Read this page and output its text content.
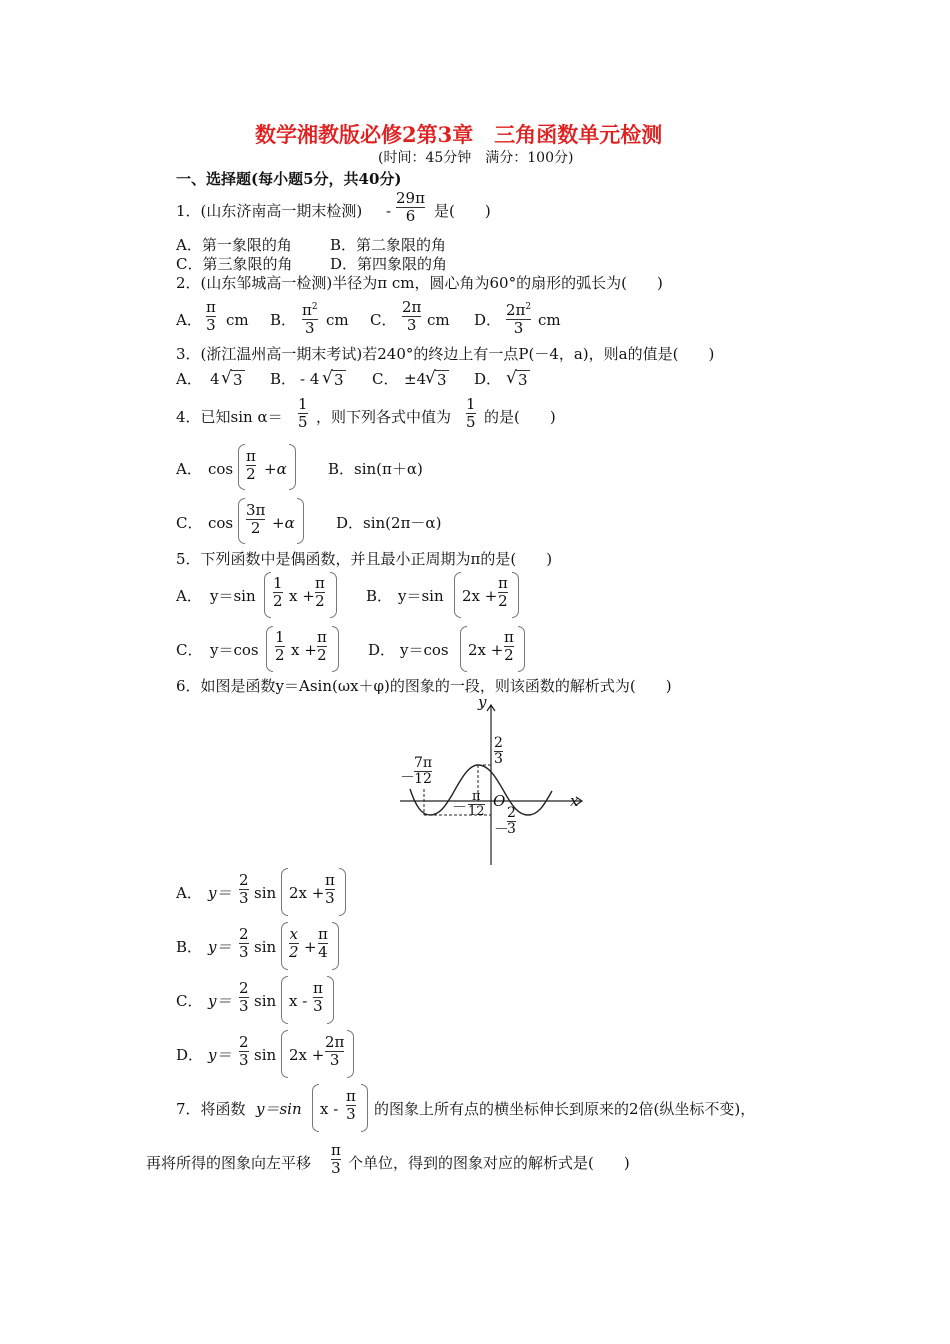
数学湘教版必修2第3章　三角函数单元检测
(时间：45分钟　满分：100分)
一、选择题(每小题5分，共40分)
1．(山东济南高一期末检测) -
29π
6 是(　　)
A．第一象限的角	B．第二象限的角
C．第三象限的角	D．第四象限的角
2．(山东邹城高一检测)半径为π cm，圆心角为60°的扇形的弧长为(　　)
A．
π
3 cm B．
$\pi^2$
3 cm C．
2π
3 cm D．
$2\pi^2$
3 cm
3．(浙江温州高一期末考试)若240°的终边上有一点P(－4，a)，则a的值是(　　)
A． 4 √ 3 B． - 4 √ 3 C． ±4
√ 3 D． √ 3
4．已知sin α＝
1
5 ，则下列各式中值为
1
5 的是(　　)
A． cos
π
2 +α	B．sin(π＋α)
C． cos
3π
2 +α	D．sin(2π－α)
5．下列函数中是偶函数，并且最小正周期为π的是(　　)
A． y＝sin
1
2 x +
π
2	B． y＝sin 2x +
π
2
C． y＝cos
1
2 x +
π
2	D． y＝cos 2x +
π
2
6．如图是函数y＝Asin(ωx＋φ)的图象的一段，则该函数的解析式为(　　)
y
x
O
2
3
－
7π
12
－
π
12
－
2
3
A． y＝
2
3 sin 2x +
π
3
B． y＝
2
3 sin
x
2 +
π
4
C． y＝
2
3 sin x -
π
3
D． y＝
2
3 sin 2x +
2π
3
7．将函数 y＝sin x -
π
3 的图象上所有点的横坐标伸长到原来的2倍(纵坐标不变)，
再将所得的图象向左平移
π
3 个单位，得到的图象对应的解析式是(　　)
